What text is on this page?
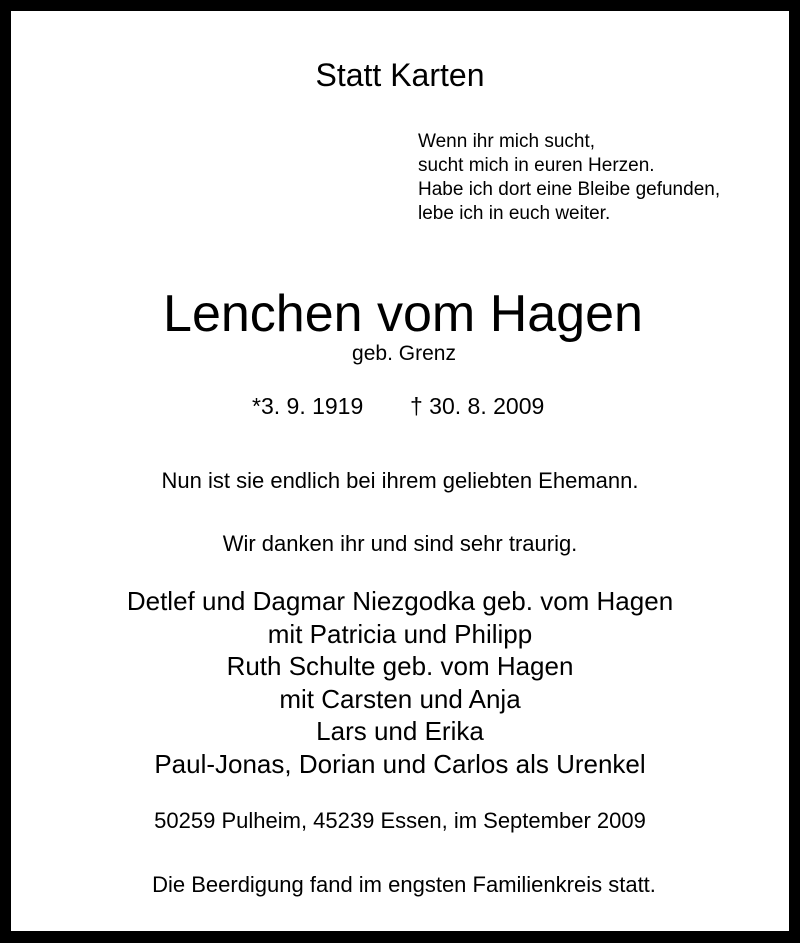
Statt Karten
Wenn ihr mich sucht,
sucht mich in euren Herzen.
Habe ich dort eine Bleibe gefunden,
lebe ich in euch weiter.
Lenchen vom Hagen
geb. Grenz
*3. 9. 1919 † 30. 8. 2009
Nun ist sie endlich bei ihrem geliebten Ehemann.
Wir danken ihr und sind sehr traurig.
Detlef und Dagmar Niezgodka geb. vom Hagen
mit Patricia und Philipp
Ruth Schulte geb. vom Hagen
mit Carsten und Anja
Lars und Erika
Paul-Jonas, Dorian und Carlos als Urenkel
50259 Pulheim, 45239 Essen, im September 2009
Die Beerdigung fand im engsten Familienkreis statt.
